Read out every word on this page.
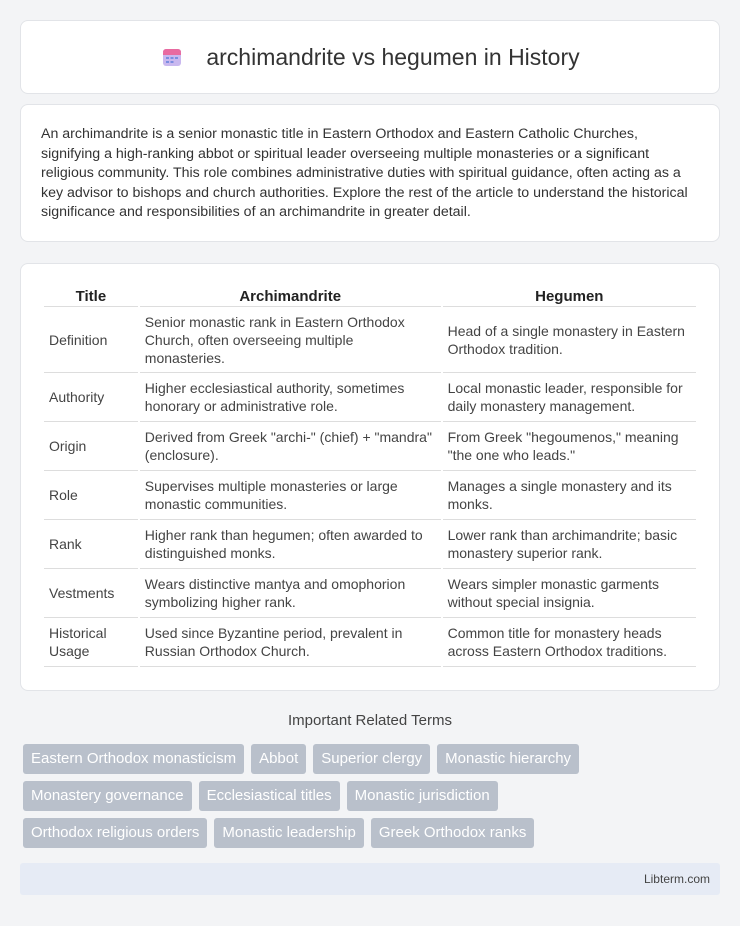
archimandrite vs hegumen in History

An archimandrite is a senior monastic title in Eastern Orthodox and Eastern Catholic Churches, signifying a high-ranking abbot or spiritual leader overseeing multiple monasteries or a significant religious community. This role combines administrative duties with spiritual guidance, often acting as a key advisor to bishops and church authorities. Explore the rest of the article to understand the historical significance and responsibilities of an archimandrite in greater detail.

Title	Archimandrite	Hegumen
Definition	Senior monastic rank in Eastern Orthodox Church, often overseeing multiple monasteries.	Head of a single monastery in Eastern Orthodox tradition.
Authority	Higher ecclesiastical authority, sometimes honorary or administrative role.	Local monastic leader, responsible for daily monastery management.
Origin	Derived from Greek "archi-" (chief) + "mandra" (enclosure).	From Greek "hegoumenos," meaning "the one who leads."
Role	Supervises multiple monasteries or large monastic communities.	Manages a single monastery and its monks.
Rank	Higher rank than hegumen; often awarded to distinguished monks.	Lower rank than archimandrite; basic monastery superior rank.
Vestments	Wears distinctive mantya and omophorion symbolizing higher rank.	Wears simpler monastic garments without special insignia.
Historical Usage	Used since Byzantine period, prevalent in Russian Orthodox Church.	Common title for monastery heads across Eastern Orthodox traditions.
Important Related Terms
Eastern Orthodox monasticism	Abbot	Superior clergy	Monastic hierarchy
Monastery governance	Ecclesiastical titles	Monastic jurisdiction
Orthodox religious orders	Monastic leadership	Greek Orthodox ranks
Libterm.com
